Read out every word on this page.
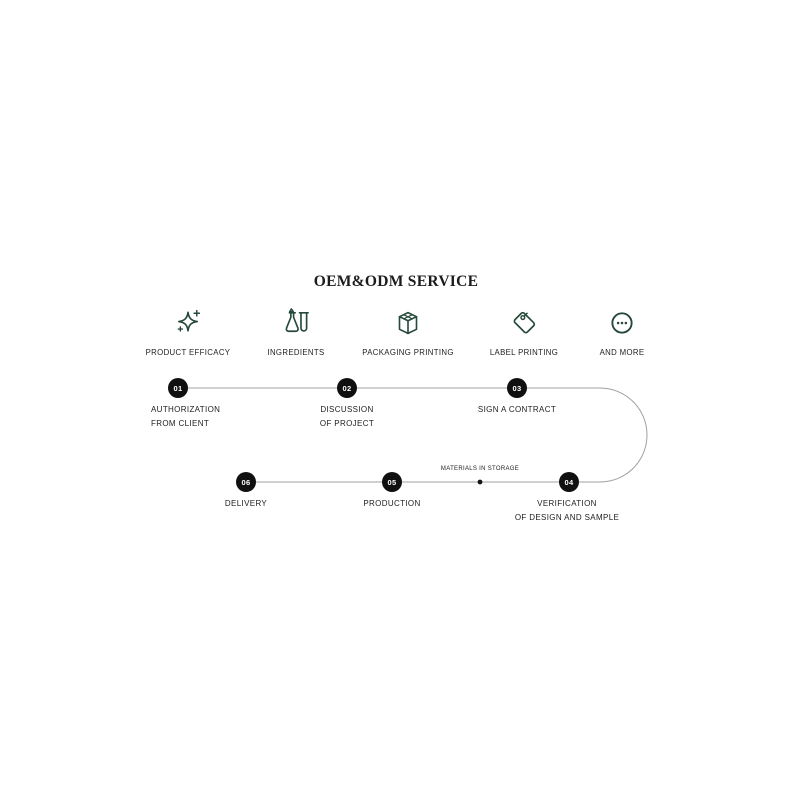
OEM&ODM SERVICE
PRODUCT EFFICACY	INGREDIENTS	PACKAGING PRINTING	LABEL PRINTING	AND MORE
01	02	03
04
05
06
AUTHORIZATION
FROM CLIENT
DISCUSSION
OF PROJECT
SIGN A CONTRACT
VERIFICATION
OF DESIGN AND SAMPLE
PRODUCTION
DELIVERY
MATERIALS IN STORAGE
